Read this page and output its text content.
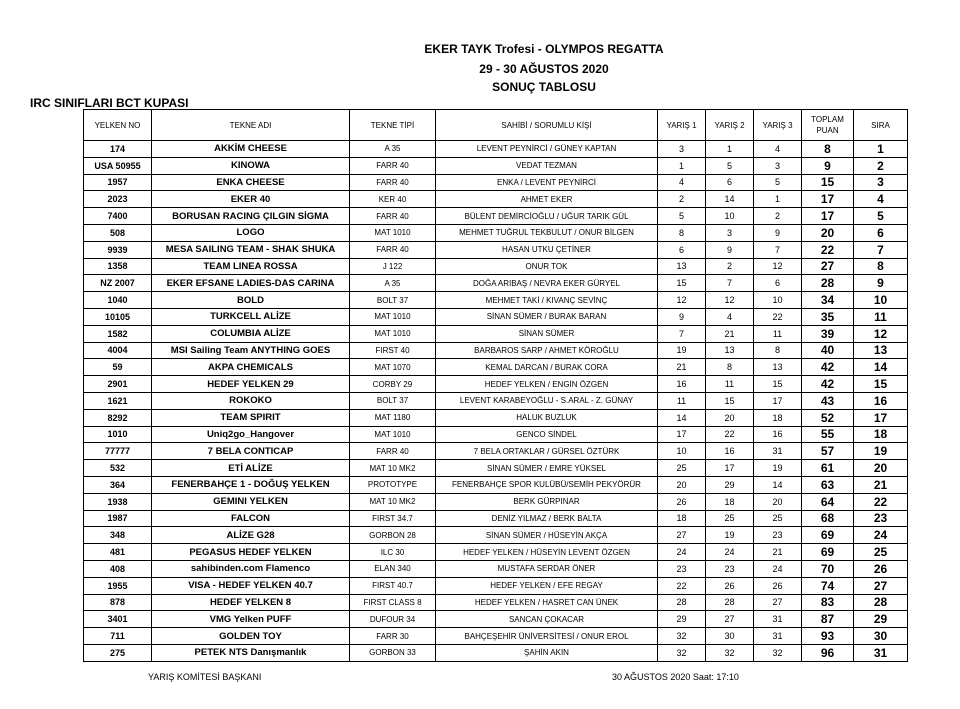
EKER TAYK Trofesi - OLYMPOS REGATTA
29 - 30 AĞUSTOS 2020
SONUÇ TABLOSU
IRC SINIFLARI BCT KUPASI
YELKEN NO	TEKNE ADI	TEKNE TİPİ	SAHİBİ / SORUMLU KİŞİ	YARIŞ 1	YARIŞ 2	YARIŞ 3	TOPLAM PUAN	SIRA
174	AKKİM CHEESE	A 35	LEVENT PEYNİRCİ / GÜNEY KAPTAN	3	1	4	8	1
USA 50955	KINOWA	FARR 40	VEDAT TEZMAN	1	5	3	9	2
1957	ENKA CHEESE	FARR 40	ENKA / LEVENT PEYNİRCİ	4	6	5	15	3
2023	EKER 40	KER 40	AHMET EKER	2	14	1	17	4
7400	BORUSAN RACING ÇILGIN SİGMA	FARR 40	BÜLENT DEMİRCİOĞLU / UĞUR TARIK GÜL	5	10	2	17	5
508	LOGO	MAT 1010	MEHMET TUĞRUL TEKBULUT / ONUR BİLGEN	8	3	9	20	6
9939	MESA SAILING TEAM - SHAK SHUKA	FARR 40	HASAN UTKU ÇETİNER	6	9	7	22	7
1358	TEAM LINEA ROSSA	J 122	ONUR TOK	13	2	12	27	8
NZ 2007	EKER EFSANE LADIES-DAS CARINA	A 35	DOĞA ARIBAŞ / NEVRA EKER GÜRYEL	15	7	6	28	9
1040	BOLD	BOLT 37	MEHMET TAKİ / KIVANÇ SEVİNÇ	12	12	10	34	10
10105	TURKCELL ALİZE	MAT 1010	SİNAN SÜMER / BURAK BARAN	9	4	22	35	11
1582	COLUMBIA ALİZE	MAT 1010	SİNAN SÜMER	7	21	11	39	12
4004	MSI Sailing Team ANYTHING GOES	FIRST 40	BARBAROS SARP / AHMET KÖROĞLU	19	13	8	40	13
59	AKPA CHEMICALS	MAT 1070	KEMAL DARCAN / BURAK CORA	21	8	13	42	14
2901	HEDEF YELKEN 29	CORBY 29	HEDEF YELKEN / ENGİN ÖZGEN	16	11	15	42	15
1621	ROKOKO	BOLT 37	LEVENT KARABEYOĞLU - S.ARAL - Z. GÜNAY	11	15	17	43	16
8292	TEAM SPIRIT	MAT 1180	HALUK BUZLUK	14	20	18	52	17
1010	Uniq2go_Hangover	MAT 1010	GENCO SİNDEL	17	22	16	55	18
77777	7 BELA CONTICAP	FARR 40	7 BELA ORTAKLAR / GÜRSEL ÖZTÜRK	10	16	31	57	19
532	ETİ ALİZE	MAT 10 MK2	SİNAN SÜMER / EMRE YÜKSEL	25	17	19	61	20
364	FENERBAHÇE 1 - DOĞUŞ YELKEN	PROTOTYPE	FENERBAHÇE SPOR KULÜBÜ/SEMİH PEKYÖRÜR	20	29	14	63	21
1938	GEMINI YELKEN	MAT 10 MK2	BERK GÜRPINAR	26	18	20	64	22
1987	FALCON	FIRST 34.7	DENİZ YILMAZ / BERK BALTA	18	25	25	68	23
348	ALİZE G28	GORBON 28	SİNAN SÜMER / HÜSEYİN AKÇA	27	19	23	69	24
481	PEGASUS HEDEF YELKEN	ILC 30	HEDEF YELKEN / HÜSEYİN LEVENT ÖZGEN	24	24	21	69	25
408	sahibinden.com Flamenco	ELAN 340	MUSTAFA SERDAR ÖNER	23	23	24	70	26
1955	VISA - HEDEF YELKEN 40.7	FIRST 40.7	HEDEF YELKEN / EFE REGAY	22	26	26	74	27
878	HEDEF YELKEN 8	FIRST CLASS 8	HEDEF YELKEN / HASRET CAN ÜNEK	28	28	27	83	28
3401	VMG Yelken PUFF	DUFOUR 34	SANCAN ÇOKACAR	29	27	31	87	29
711	GOLDEN TOY	FARR 30	BAHÇEŞEHİR ÜNİVERSİTESİ / ONUR EROL	32	30	31	93	30
275	PETEK NTS Danışmanlık	GORBON 33	ŞAHİN AKIN	32	32	32	96	31
YARIŞ KOMİTESİ BAŞKANI	30 AĞUSTOS 2020 Saat: 17:10
